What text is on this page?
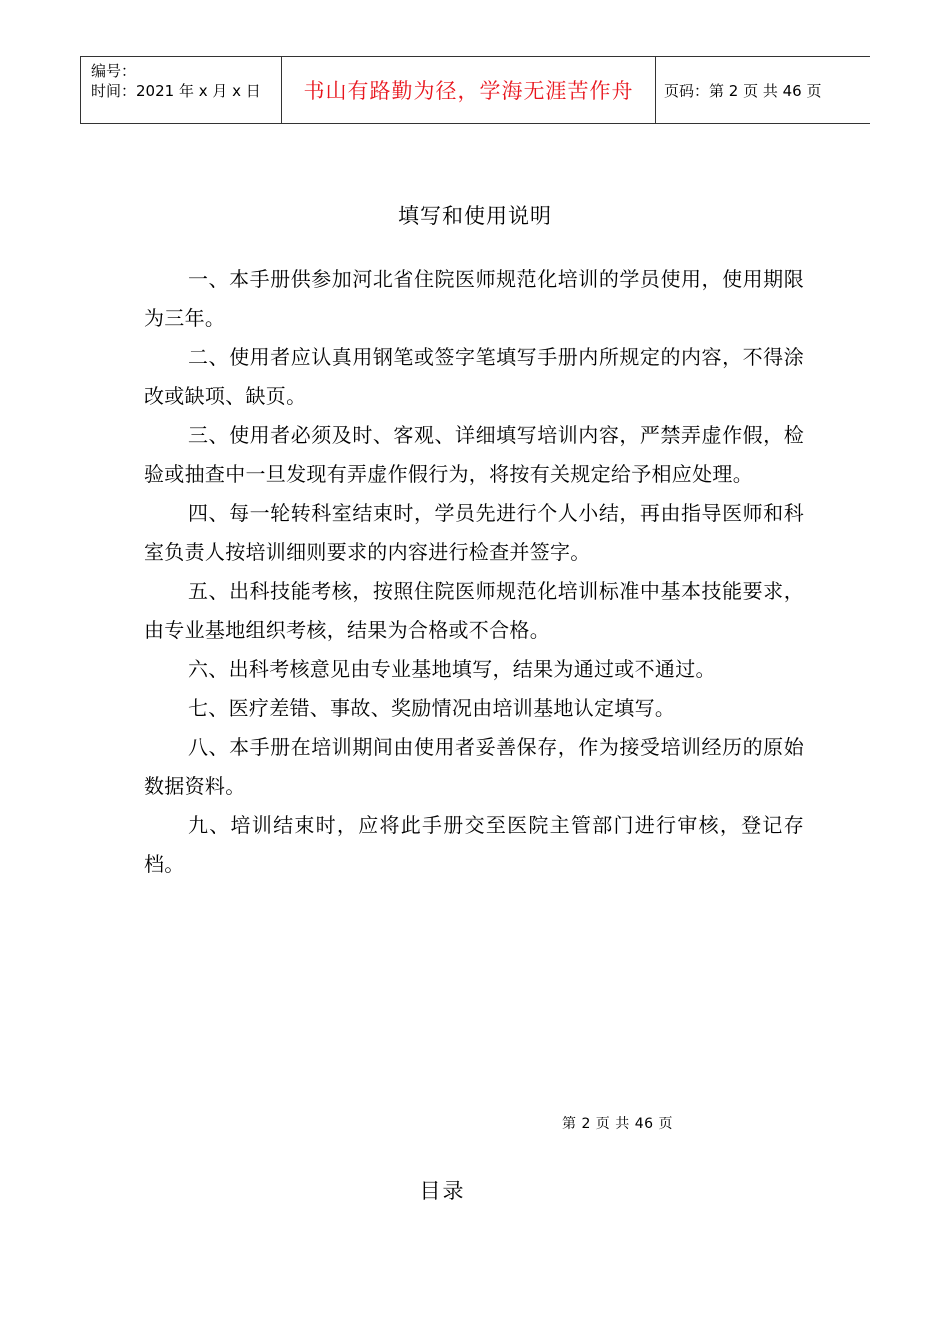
编号：
时间：2021 年 x 月 x 日	书山有路勤为径，学海无涯苦作舟	页码：第 2 页 共 46 页
填写和使用说明
一、本手册供参加河北省住院医师规范化培训的学员使用，使用期限为三年。
二、使用者应认真用钢笔或签字笔填写手册内所规定的内容，不得涂改或缺项、缺页。
三、使用者必须及时、客观、详细填写培训内容，严禁弄虚作假，检验或抽查中一旦发现有弄虚作假行为，将按有关规定给予相应处理。
四、每一轮转科室结束时，学员先进行个人小结，再由指导医师和科室负责人按培训细则要求的内容进行检查并签字。
五、出科技能考核，按照住院医师规范化培训标准中基本技能要求，由专业基地组织考核，结果为合格或不合格。
六、出科考核意见由专业基地填写，结果为通过或不通过。
七、医疗差错、事故、奖励情况由培训基地认定填写。
八、本手册在培训期间由使用者妥善保存，作为接受培训经历的原始数据资料。
九、培训结束时，应将此手册交至医院主管部门进行审核，登记存档。
第 2 页 共 46 页
目录
